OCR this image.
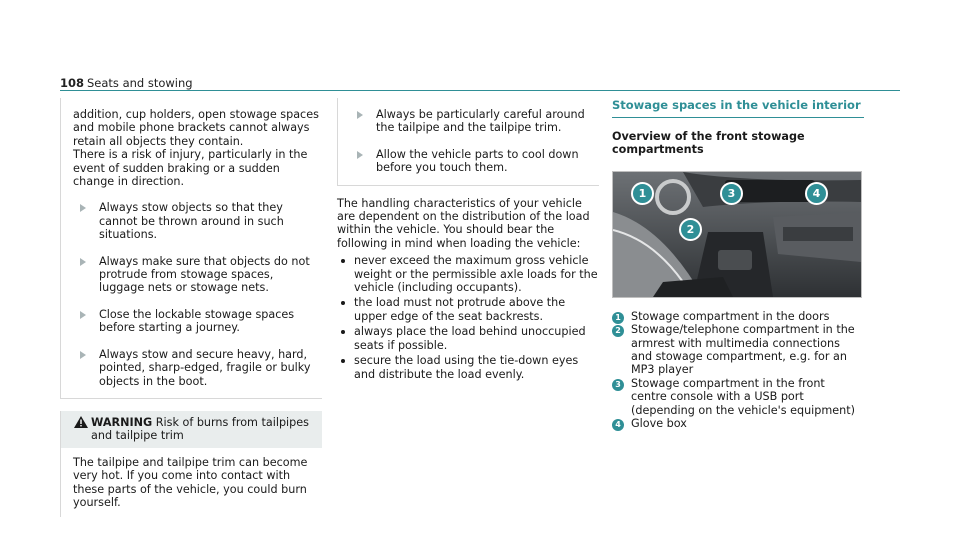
108 Seats and stowing

addition, cup holders, open stowage spaces and mobile phone brackets cannot always retain all objects they contain.

There is a risk of injury, particularly in the event of sudden braking or a sudden change in direction.

Always stow objects so that they cannot be thrown around in such situations.

Always make sure that objects do not protrude from stowage spaces, luggage nets or stowage nets.

Close the lockable stowage spaces before starting a journey.

Always stow and secure heavy, hard, pointed, sharp-edged, fragile or bulky objects in the boot.

WARNING Risk of burns from tailpipes and tailpipe trim

The tailpipe and tailpipe trim can become very hot. If you come into contact with these parts of the vehicle, you could burn yourself.

Always be particularly careful around the tailpipe and the tailpipe trim.

Allow the vehicle parts to cool down before you touch them.

The handling characteristics of your vehicle are dependent on the distribution of the load within the vehicle. You should bear the following in mind when loading the vehicle:

never exceed the maximum gross vehicle weight or the permissible axle loads for the vehicle (including occupants).
the load must not protrude above the upper edge of the seat backrests.
always place the load behind unoccupied seats if possible.
secure the load using the tie-down eyes and distribute the load evenly.
Stowage spaces in the vehicle interior
Overview of the front stowage compartments
1
2
3	4
1 Stowage compartment in the doors
2 Stowage/telephone compartment in the armrest with multimedia connections and stowage compartment, e.g. for an MP3 player
3 Stowage compartment in the front centre console with a USB port (depending on the vehicle's equipment)
4 Glove box
